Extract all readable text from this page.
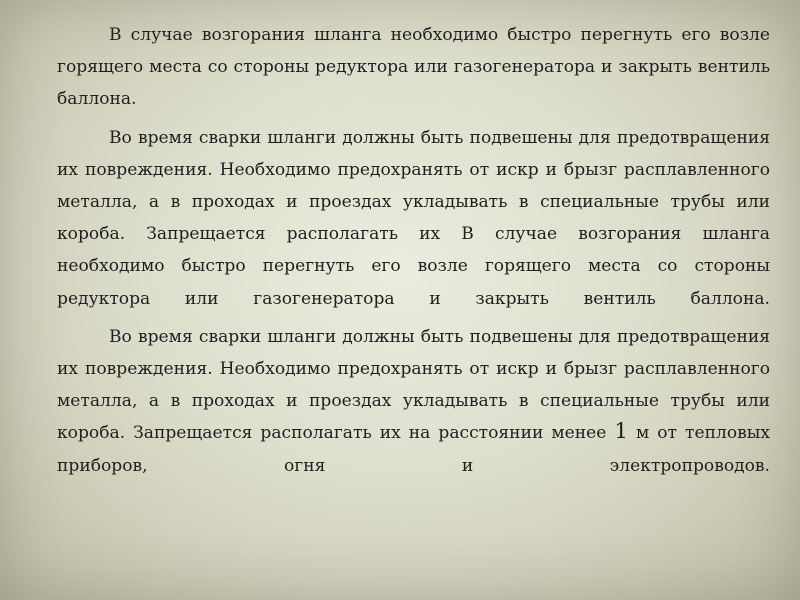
В случае возгорания шланга необходимо быстро перегнуть его возле горящего места со стороны редуктора или газогенератора и закрыть вентиль баллона.

Во время сварки шланги должны быть подвешены для предотвращения их повреждения. Необходимо предохранять от искр и брызг расплавленного металла, а в проходах и проездах укладывать в специальные трубы или короба. Запрещается располагать их В случае возгорания шланга необходимо быстро перегнуть его возле горящего места со стороны редуктора или газогенератора и закрыть вентиль баллона.

Во время сварки шланги должны быть подвешены для предотвращения их повреждения. Необходимо предохранять от искр и брызг расплавленного металла, а в проходах и проездах укладывать в специальные трубы или короба. Запрещается располагать их на расстоянии менее 1 м от тепловых приборов, огня и электропроводов.
